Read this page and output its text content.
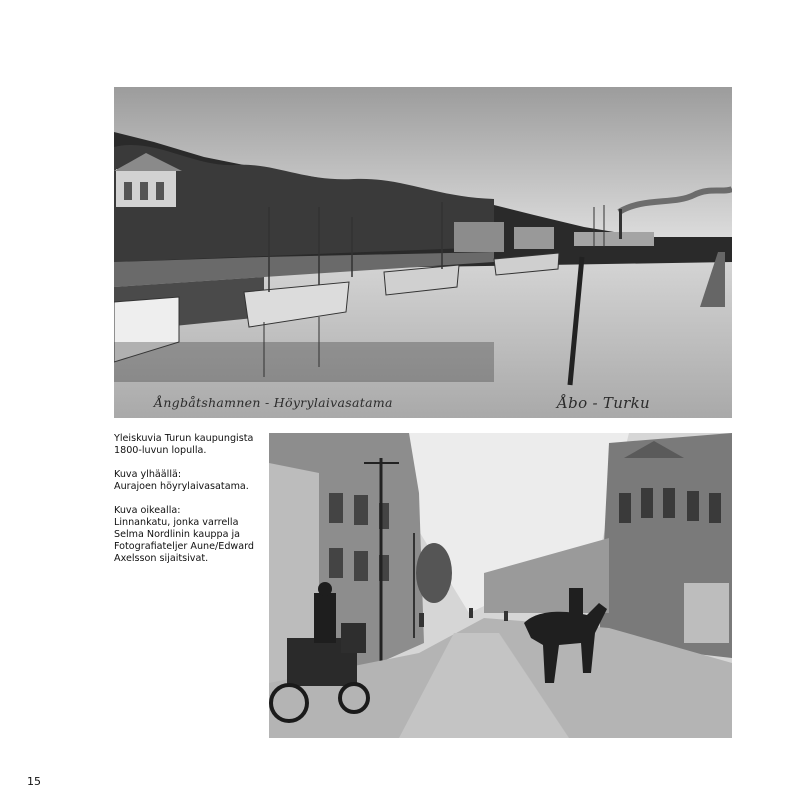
Ångbåtshamnen - Höyrylaivasatama	Åbo - Turku

Yleiskuvia Turun kaupungista
1800-luvun lopulla.

Kuva ylhäällä:
Aurajoen höyrylaivasatama.

Kuva oikealla:
Linnankatu, jonka varrella
Selma Nordlinin kauppa ja
Fotografiateljer Aune/Edward
Axelsson sijaitsivat.

15
